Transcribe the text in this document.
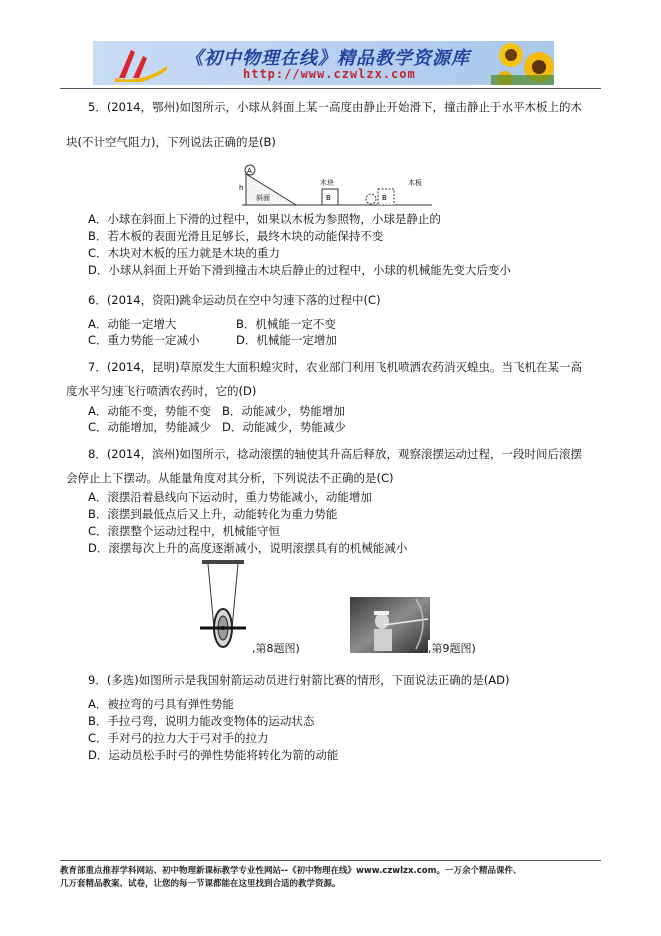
《初中物理在线》精品教学资源库
http://www.czwlzx.com
5．(2014，鄂州)如图所示，小球从斜面上某一高度由静止开始滑下，撞击静止于水平木板上的木
块(不计空气阻力)，下列说法正确的是(B)
A
h
斜面	B
木块
B
木板
A．小球在斜面上下滑的过程中，如果以木板为参照物，小球是静止的
B．若木板的表面光滑且足够长，最终木块的动能保持不变
C．木块对木板的压力就是木块的重力
D．小球从斜面上开始下滑到撞击木块后静止的过程中，小球的机械能先变大后变小
6．(2014，资阳)跳伞运动员在空中匀速下落的过程中(C)
A．动能一定增大	B．机械能一定不变
C．重力势能一定减小	D．机械能一定增加
7．(2014，昆明)草原发生大面积蝗灾时，农业部门利用飞机喷洒农药消灭蝗虫。当飞机在某一高
度水平匀速飞行喷洒农药时，它的(D)
A．动能不变，势能不变 B．动能减少，势能增加
C．动能增加，势能减少 D．动能减少，势能减少
8．(2014，滨州)如图所示，捻动滚摆的轴使其升高后释放，观察滚摆运动过程，一段时间后滚摆
会停止上下摆动。从能量角度对其分析，下列说法不正确的是(C)
A．滚摆沿着悬线向下运动时，重力势能减小，动能增加
B．滚摆到最低点后又上升，动能转化为重力势能
C．滚摆整个运动过程中，机械能守恒
D．滚摆每次上升的高度逐渐减小，说明滚摆具有的机械能减小
,第8题图)	,第9题图)
9．(多选)如图所示是我国射箭运动员进行射箭比赛的情形，下面说法正确的是(AD)
A．被拉弯的弓具有弹性势能
B．手拉弓弯，说明力能改变物体的运动状态
C．手对弓的拉力大于弓对手的拉力
D．运动员松手时弓的弹性势能将转化为箭的动能
教育部重点推荐学科网站、初中物理新课标教学专业性网站--《初中物理在线》www.czwlzx.com。一万余个精品课件、
几万套精品教案、试卷，让您的每一节课都能在这里找到合适的教学资源。
